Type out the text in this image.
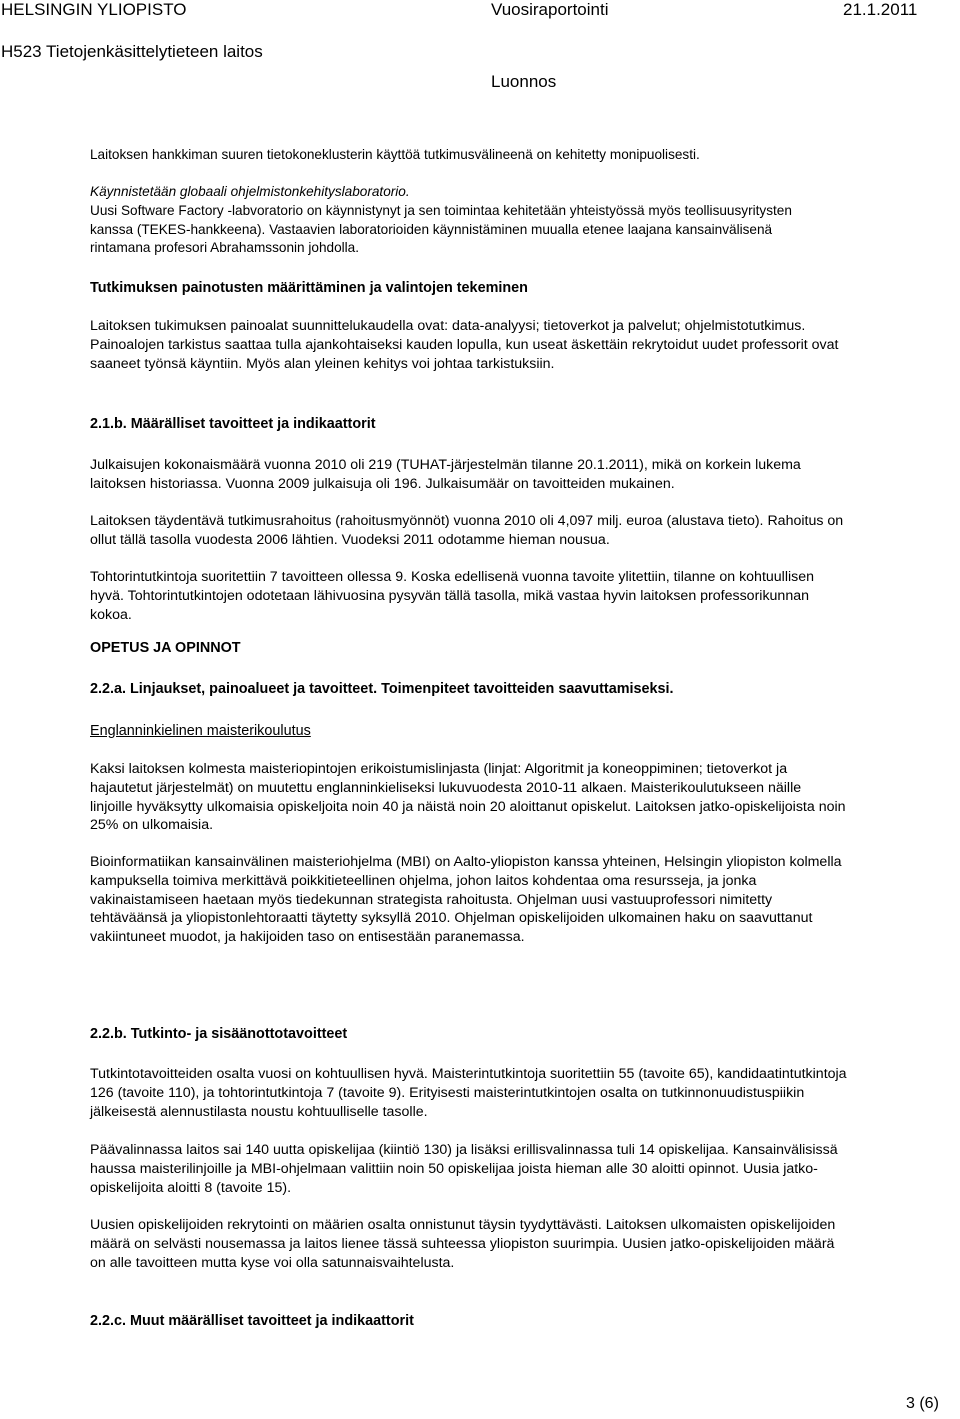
HELSINGIN YLIOPISTO	Vuosiraportointi	21.1.2011
H523 Tietojenkäsittelytieteen laitos
Luonnos

Laitoksen hankkiman suuren tietokoneklusterin käyttöä tutkimusvälineenä on kehitetty monipuolisesti.

Käynnistetään globaali ohjelmistonkehityslaboratorio.
Uusi Software Factory -labvoratorio on käynnistynyt ja sen toimintaa kehitetään yhteistyössä myös teollisuusyritysten
kanssa (TEKES-hankkeena). Vastaavien laboratorioiden käynnistäminen muualla etenee laajana kansainvälisenä
rintamana profesori Abrahamssonin johdolla.

Tutkimuksen painotusten määrittäminen ja valintojen tekeminen

Laitoksen tukimuksen painoalat suunnittelukaudella ovat: data-analyysi; tietoverkot ja palvelut; ohjelmistotutkimus.
Painoalojen tarkistus saattaa tulla ajankohtaiseksi kauden lopulla, kun useat äskettäin rekrytoidut uudet professorit ovat
saaneet työnsä käyntiin. Myös alan yleinen kehitys voi johtaa tarkistuksiin.

2.1.b. Määrälliset tavoitteet ja indikaattorit

Julkaisujen kokonaismäärä vuonna 2010 oli 219 (TUHAT-järjestelmän tilanne 20.1.2011), mikä on korkein lukema
laitoksen historiassa. Vuonna 2009 julkaisuja oli 196. Julkaisumäär on tavoitteiden mukainen.

Laitoksen täydentävä tutkimusrahoitus (rahoitusmyönnöt) vuonna 2010 oli 4,097 milj. euroa (alustava tieto). Rahoitus on
ollut tällä tasolla vuodesta 2006 lähtien. Vuodeksi 2011 odotamme hieman nousua.

Tohtorintutkintoja suoritettiin 7 tavoitteen ollessa 9. Koska edellisenä vuonna tavoite ylitettiin, tilanne on kohtuullisen
hyvä. Tohtorintutkintojen odotetaan lähivuosina pysyvän tällä tasolla, mikä vastaa hyvin laitoksen professorikunnan
kokoa.

OPETUS JA OPINNOT
2.2.a. Linjaukset, painoalueet ja tavoitteet. Toimenpiteet tavoitteiden saavuttamiseksi.
Englanninkielinen maisterikoulutus

Kaksi laitoksen kolmesta maisteriopintojen erikoistumislinjasta (linjat: Algoritmit ja koneoppiminen; tietoverkot ja
hajautetut järjestelmät) on muutettu englanninkieliseksi lukuvuodesta 2010-11 alkaen. Maisterikoulutukseen näille
linjoille hyväksytty ulkomaisia opiskeljoita noin 40 ja näistä noin 20 aloittanut opiskelut. Laitoksen jatko-opiskelijoista noin
25% on ulkomaisia.

Bioinformatiikan kansainvälinen maisteriohjelma (MBI) on Aalto-yliopiston kanssa yhteinen, Helsingin yliopiston kolmella
kampuksella toimiva merkittävä poikkitieteellinen ohjelma, johon laitos kohdentaa oma resursseja, ja jonka
vakinaistamiseen haetaan myös tiedekunnan strategista rahoitusta. Ohjelman uusi vastuuprofessori nimitetty
tehtäväänsä ja yliopistonlehtoraatti täytetty syksyllä 2010. Ohjelman opiskelijoiden ulkomainen haku on saavuttanut
vakiintuneet muodot, ja hakijoiden taso on entisestään paranemassa.

2.2.b. Tutkinto- ja sisäänottotavoitteet

Tutkintotavoitteiden osalta vuosi on kohtuullisen hyvä. Maisterintutkintoja suoritettiin 55 (tavoite 65), kandidaatintutkintoja
126 (tavoite 110), ja tohtorintutkintoja 7 (tavoite 9). Erityisesti maisterintutkintojen osalta on tutkinnonuudistuspiikin
jälkeisestä alennustilasta noustu kohtuulliselle tasolle.

Päävalinnassa laitos sai 140 uutta opiskelijaa (kiintiö 130) ja lisäksi erillisvalinnassa tuli 14 opiskelijaa. Kansainvälisissä
haussa maisterilinjoille ja MBI-ohjelmaan valittiin noin 50 opiskelijaa joista hieman alle 30 aloitti opinnot. Uusia jatko-
opiskelijoita aloitti 8 (tavoite 15).

Uusien opiskelijoiden rekrytointi on määrien osalta onnistunut täysin tyydyttävästi. Laitoksen ulkomaisten opiskelijoiden
määrä on selvästi nousemassa ja laitos lienee tässä suhteessa yliopiston suurimpia. Uusien jatko-opiskelijoiden määrä
on alle tavoitteen mutta kyse voi olla satunnaisvaihtelusta.

2.2.c. Muut määrälliset tavoitteet ja indikaattorit
3 (6)
